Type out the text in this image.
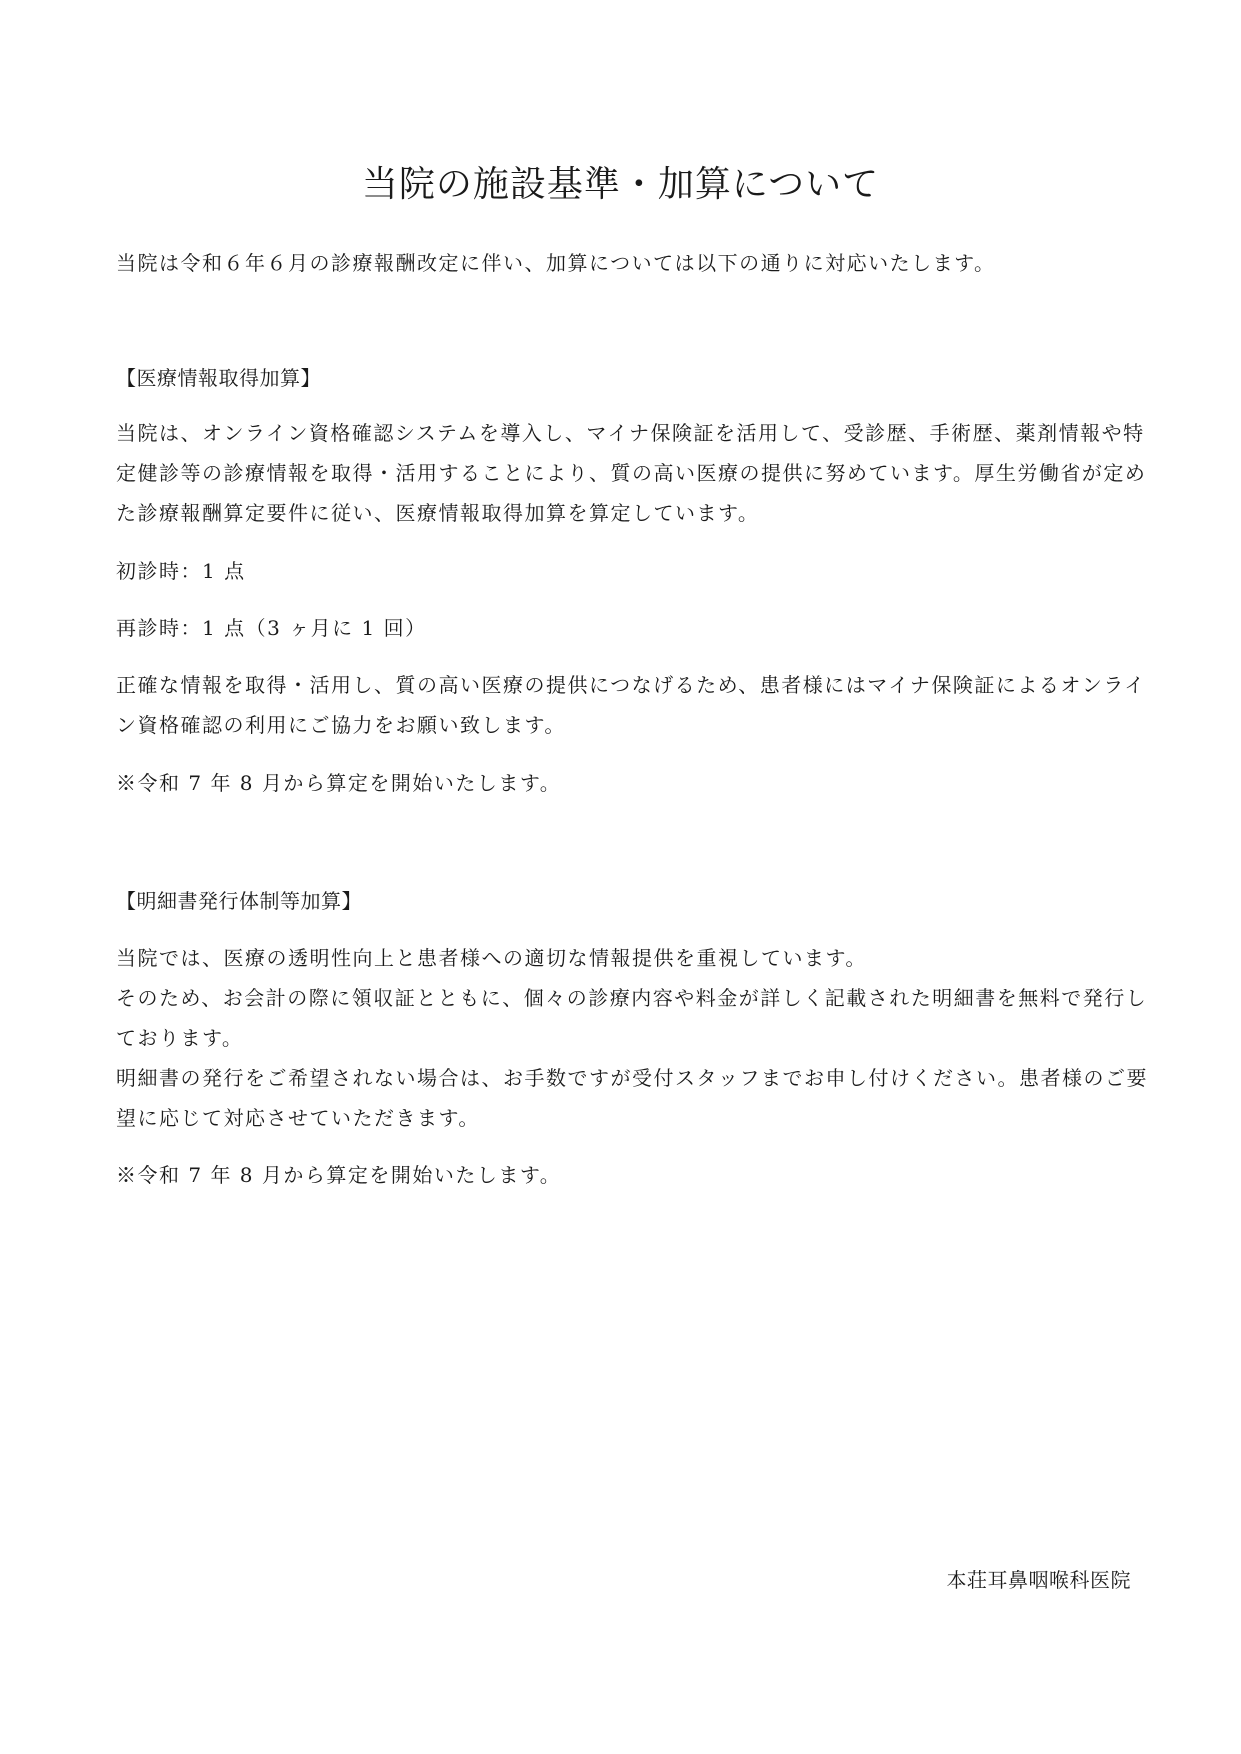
当院の施設基準・加算について

当院は令和６年６月の診療報酬改定に伴い、加算については以下の通りに対応いたします。

【医療情報取得加算】

当院は、オンライン資格確認システムを導入し、マイナ保険証を活用して、受診歴、手術歴、薬剤情報や特

定健診等の診療情報を取得・活用することにより、質の高い医療の提供に努めています。厚生労働省が定め

た診療報酬算定要件に従い、医療情報取得加算を算定しています。

初診時：1 点

再診時：1 点（3 ヶ月に 1 回）

正確な情報を取得・活用し、質の高い医療の提供につなげるため、患者様にはマイナ保険証によるオンライ

ン資格確認の利用にご協力をお願い致します。

※令和 7 年 8 月から算定を開始いたします。

【明細書発行体制等加算】

当院では、医療の透明性向上と患者様への適切な情報提供を重視しています。

そのため、お会計の際に領収証とともに、個々の診療内容や料金が詳しく記載された明細書を無料で発行し

ております。

明細書の発行をご希望されない場合は、お手数ですが受付スタッフまでお申し付けください。患者様のご要

望に応じて対応させていただきます。

※令和 7 年 8 月から算定を開始いたします。

本荘耳鼻咽喉科医院
